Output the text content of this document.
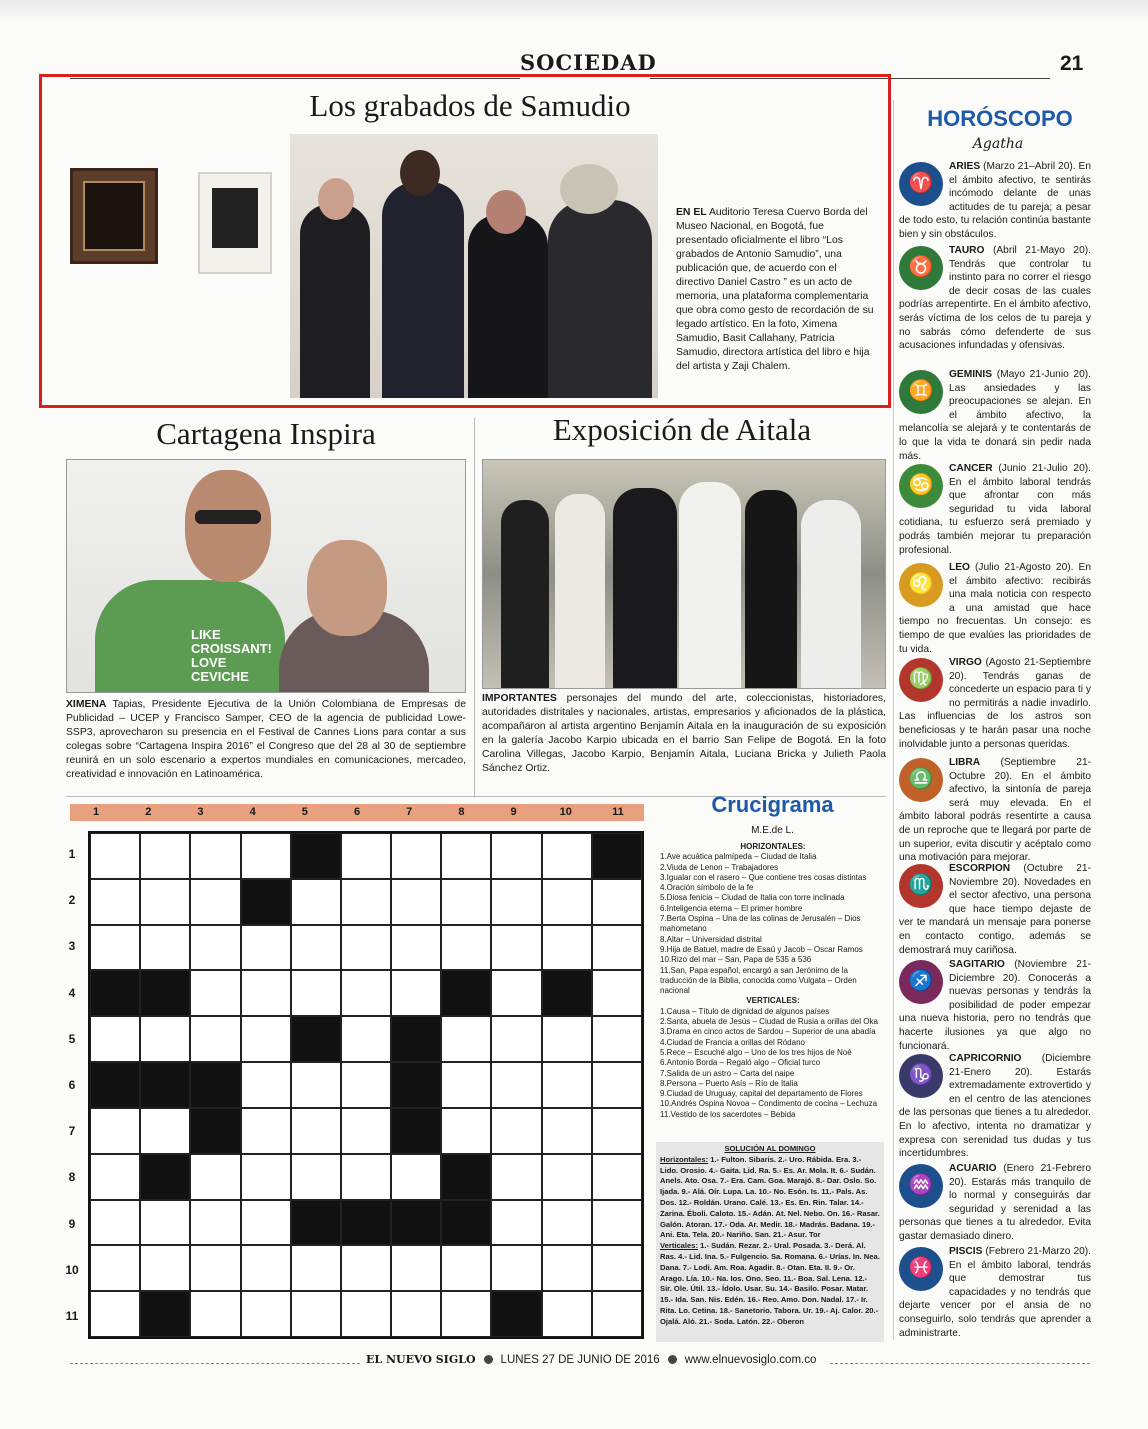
SOCIEDAD	21
Los grabados de Samudio
EN EL Auditorio Teresa Cuervo Borda del Museo Nacional, en Bogotá, fue presentado oficialmente el libro “Los grabados de Antonio Samudio”, una publicación que, de acuerdo con el directivo Daniel Castro ” es un acto de memoria, una plataforma complementaria que obra como gesto de recordación de su legado artístico. En la foto, Ximena Samudio, Basit Callahany, Patricia Samudio, directora artística del libro e hija del artista y Zaji Chalem.
Cartagena Inspira
LIKE
CROISSANT!
LOVE
CEVICHE
XIMENA Tapias, Presidente Ejecutiva de la Unión Colombiana de Empresas de Publicidad – UCEP y Francisco Samper, CEO de la agencia de publicidad Lowe-SSP3, aprovecharon su presencia en el Festival de Cannes Lions para contar a sus colegas sobre “Cartagena Inspira 2016” el Congreso que del 28 al 30 de septiembre reunirá en un solo escenario a expertos mundiales en comunicaciones, mercadeo, creatividad e innovación en Latinoamérica.
Exposición de Aitala
IMPORTANTES personajes del mundo del arte, coleccionistas, historiadores, autoridades distritales y nacionales, artistas, empresarios y aficionados de la plástica, acompañaron al artista argentino Benjamín Aitala en la inauguración de su exposición en la galería Jacobo Karpio ubicada en el barrio San Felipe de Bogotá. En la foto Carolina Villegas, Jacobo Karpio, Benjamín Aitala, Luciana Bricka y Julieth Paola Sánchez Ortiz.
1	2	3	4	5	6	7	8	9	10	11
1
2
3
4
5
6
7
8
9
10
11
Crucigrama
M.E.de L.
HORIZONTALES:
1.Ave acuática palmípeda – Ciudad de Italia
2.Viuda de Lenon – Trabajadores
3.Igualar con el rasero – Que contiene tres cosas distintas
4.Oración símbolo de la fe
5.Diosa fenicia – Ciudad de Italia con torre inclinada
6.Inteligencia eterna – El primer hombre
7.Berta Ospina – Una de las colinas de Jerusalén – Dios mahometano
8.Altar – Universidad distrital
9.Hija de Batuel, madre de Esaú y Jacob – Oscar Ramos
10.Rizo del mar – San, Papa de 535 a 536
11.San, Papa español, encargó a san Jerónimo de la traducción de la Biblia, conocida como Vulgata – Orden nacional
VERTICALES:
1.Causa – Título de dignidad de algunos países
2.Santa, abuela de Jesús – Ciudad de Rusia a orillas del Oka
3.Drama en cinco actos de Sardou – Superior de una abadía
4.Ciudad de Francia a orillas del Ródano
5.Rece – Escuché algo – Uno de los tres hijos de Noé
6.Antonio Borda – Regaló algo – Oficial turco
7.Salida de un astro – Carta del naipe
8.Persona – Puerto Asís – Río de Italia
9.Ciudad de Uruguay, capital del departamento de Flores
10.Andrés Ospina Novoa – Condimento de cocina – Lechuza
11.Vestido de los sacerdotes – Bebida
SOLUCIÓN AL DOMINGO
Horizontales: 1.- Fulton. Sibaris. 2.- Uro. Rábida. Era. 3.- Lido. Orosio. 4.- Gaita. Lid. Ra. 5.- Es. Ar. Mola. It. 6.- Sudán. Anels. Ato. Osa. 7.- Era. Cam. Goa. Marajó. 8.- Dar. Oslo. So. Ijada. 9.- Alá. Oír. Lupa. La. 10.- No. Esón. Is. 11.- Pals. As. Dos. 12.- Roldán. Urano. Calé. 13.- Es. En. Rin. Talar. 14.- Zarina. Éboli. Caloto. 15.- Adán. At. Nel. Nebo. On. 16.- Rasar. Galón. Atoran. 17.- Oda. Ar. Medir. 18.- Madrás. Badana. 19.- Ani. Eta. Tela. 20.- Nariño. San. 21.- Asur. Tor
Verticales: 1.- Sudán. Rezar. 2.- Ural. Posada. 3.- Derá. Al. Ras. 4.- Lid. Ina. 5.- Fulgencio. Sa. Romana. 6.- Urías. In. Nea. Dana. 7.- Lodi. Am. Roa. Agadir. 8.- Otan. Eta. II. 9.- Or. Arago. Lía. 10.- Na. Ios. Ono. Seo. 11.- Boa. Sal. Lena. 12.- Sir. Ole. Útil. 13.- Ídolo. Usar. Su. 14.- Basilo. Posar. Matar. 15.- Ida. San. Nis. Edén. 16.- Reo. Amo. Don. Nadal. 17.- Ir. Rita. Lo. Cetina. 18.- Sanetorio. Tabora. Ur. 19.- Aj. Calor. 20.- Ojalá. Aló. 21.- Soda. Latón. 22.- Oberon
HORÓSCOPO
Agatha
♈
ARIES (Marzo 21–Abril 20). En el ámbito afectivo, te sentirás incómodo delante de unas actitudes de tu pareja; a pesar de todo esto, tu relación continúa bastante bien y sin obstáculos.
♉
TAURO (Abril 21-Mayo 20). Tendrás que controlar tu instinto para no correr el riesgo de decir cosas de las cuales podrías arrepentirte. En el ámbito afectivo, serás víctima de los celos de tu pareja y no sabrás cómo defenderte de sus acusaciones infundadas y ofensivas.
♊
GEMINIS (Mayo 21-Junio 20). Las ansiedades y las preocupaciones se alejan. En el ámbito afectivo, la melancolía se alejará y te contentarás de lo que la vida te donará sin pedir nada más.
♋
CANCER (Junio 21-Julio 20). En el ámbito laboral tendrás que afrontar con más seguridad tu vida laboral cotidiana, tu esfuerzo será premiado y podrás también mejorar tu preparación profesional.
♌
LEO (Julio 21-Agosto 20). En el ámbito afectivo: recibirás una mala noticia con respecto a una amistad que hace tiempo no frecuentas. Un consejo: es tiempo de que evalúes las prioridades de tu vida.
♍
VIRGO (Agosto 21-Septiembre 20). Tendrás ganas de concederte un espacio para ti y no permitirás a nadie invadirlo. Las influencias de los astros son beneficiosas y te harán pasar una noche inolvidable junto a personas queridas.
♎
LIBRA (Septiembre 21-Octubre 20). En el ámbito afectivo, la sintonía de pareja será muy elevada. En el ámbito laboral podrás resentirte a causa de un reproche que te llegará por parte de un superior, evita discutir y acéptalo como una motivación para mejorar.
♏
ESCORPION (Octubre 21-Noviembre 20). Novedades en el sector afectivo, una persona que hace tiempo dejaste de ver te mandará un mensaje para ponerse en contacto contigo, además se demostrará muy cariñosa.
♐
SAGITARIO (Noviembre 21-Diciembre 20). Conocerás a nuevas personas y tendrás la posibilidad de poder empezar una nueva historia, pero no tendrás que hacerte ilusiones ya que algo no funcionará.
♑
CAPRICORNIO (Diciembre 21-Enero 20). Estarás extremadamente extrovertido y en el centro de las atenciones de las personas que tienes a tu alrededor. En lo afectivo, intenta no dramatizar y expresa con serenidad tus dudas y tus incertidumbres.
♒
ACUARIO (Enero 21-Febrero 20). Estarás más tranquilo de lo normal y conseguirás dar seguridad y serenidad a las personas que tienes a tu alrededor. Evita gastar demasiado dinero.
♓
PISCIS (Febrero 21-Marzo 20). En el ámbito laboral, tendrás que demostrar tus capacidades y no tendrás que dejarte vencer por el ansia de no conseguirlo, solo tendrás que aprender a administrarte.
EL NUEVO SIGLO LUNES 27 DE JUNIO DE 2016 www.elnuevosiglo.com.co
